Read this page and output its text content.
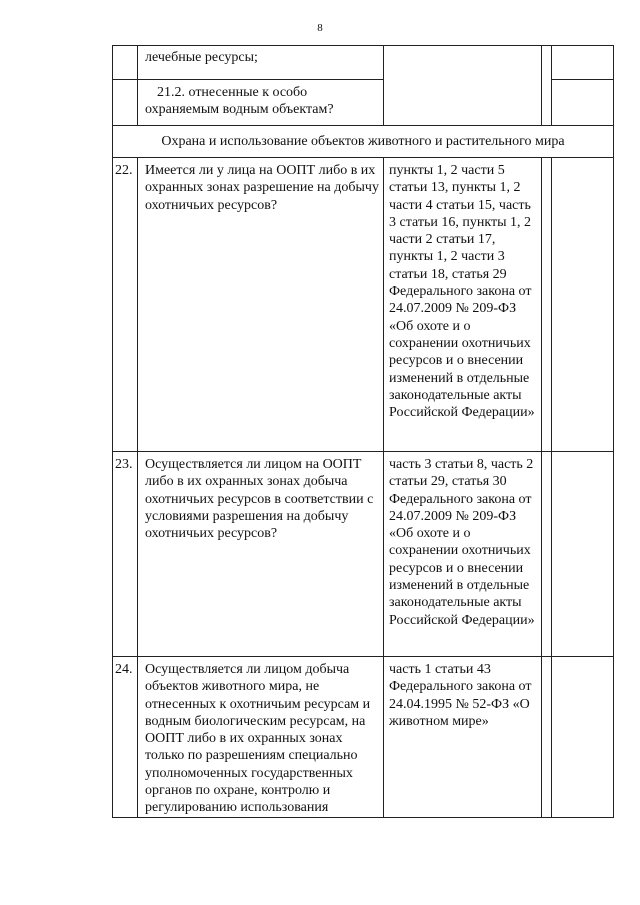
8
	лечебные ресурсы;			

	21.2. отнесенные к особо охраняемым водным объектам?			
Охрана и использование объектов животного и растительного мира				
22.	Имеется ли у лица на ООПТ либо в их охранных зонах разрешение на добычу охотничьих ресурсов?	пункты 1, 2 части 5 статьи 13, пункты 1, 2 части 4 статьи 15, часть 3 статьи 16, пункты 1, 2 части 2 статьи 17, пункты 1, 2 части 3 статьи 18, статья 29 Федерального закона от 24.07.2009 № 209-ФЗ «Об охоте и о сохранении охотничьих ресурсов и о внесении изменений в отдельные законодательные акты Российской Федерации»		
23.	Осуществляется ли лицом на ООПТ либо в их охранных зонах добыча охотничьих ресурсов в соответствии с условиями разрешения на добычу охотничьих ресурсов?	часть 3 статьи 8, часть 2 статьи 29, статья 30 Федерального закона от 24.07.2009 № 209-ФЗ «Об охоте и о сохранении охотничьих ресурсов и о внесении изменений в отдельные законодательные акты Российской Федерации»		
24.	Осуществляется ли лицом добыча объектов животного мира, не отнесенных к охотничьим ресурсам и водным биологическим ресурсам, на ООПТ либо в их охранных зонах только по разрешениям специально уполномоченных государственных органов по охране, контролю и регулированию использования	часть 1 статьи 43 Федерального закона от 24.04.1995 № 52-ФЗ «О животном мире»		
